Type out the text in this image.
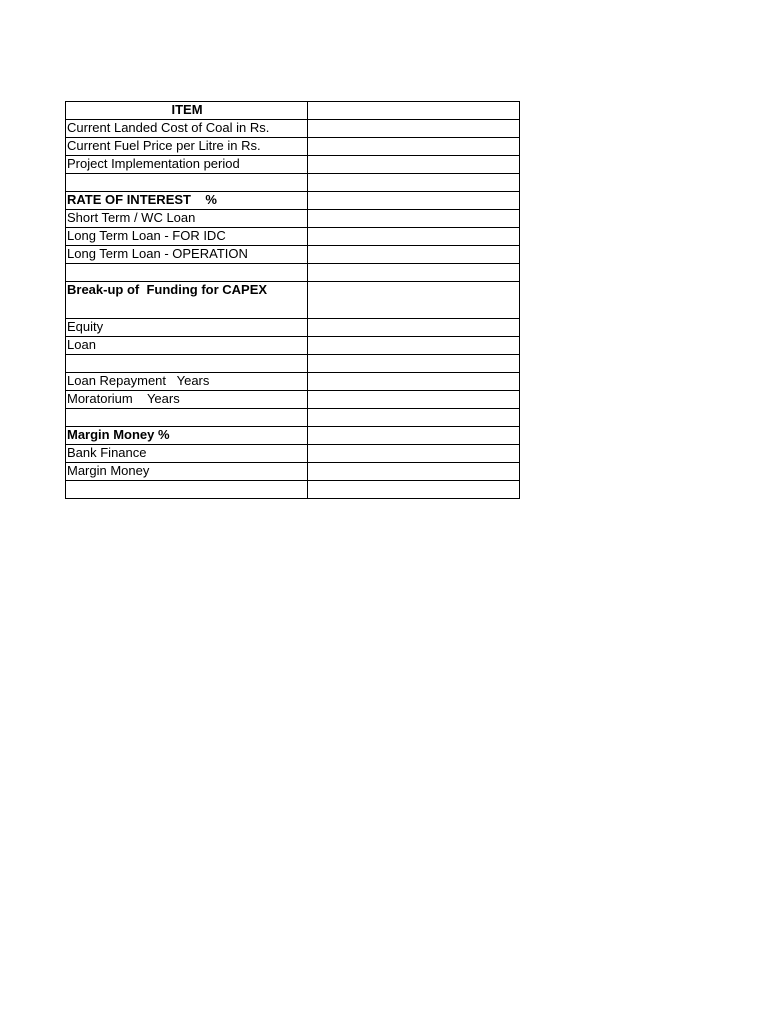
ITEM	
Current Landed Cost of Coal in Rs.	
Current Fuel Price per Litre in Rs.	
Project Implementation period	

RATE OF INTEREST    %	
Short Term / WC Loan	
Long Term Loan - FOR IDC	
Long Term Loan - OPERATION	

Break-up of  Funding for CAPEX	
Equity	
Loan	

Loan Repayment   Years	
Moratorium    Years	

Margin Money %	
Bank Finance	
Margin Money	
